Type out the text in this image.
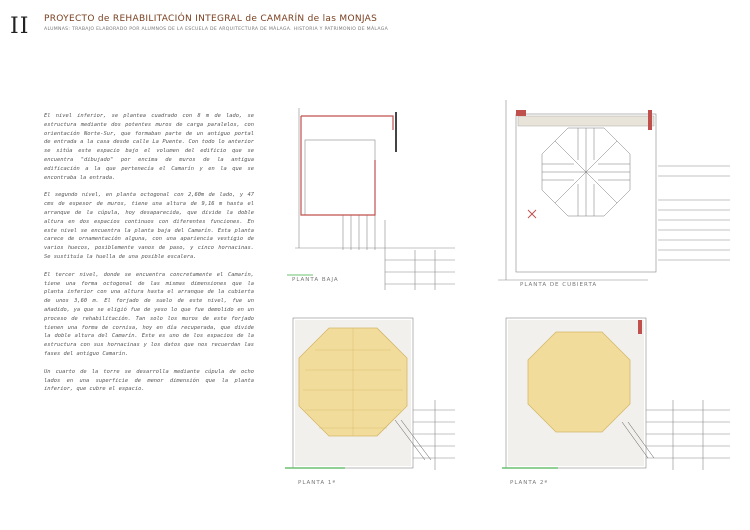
II PROYECTO de REHABILITACIÓN INTEGRAL de CAMARÍN de las MONJAS
ALUMNAS: TRABAJO ELABORADO POR ALUMNOS DE LA ESCUELA DE ARQUITECTURA DE MÁLAGA. HISTORIA Y PATRIMONIO DE MÁLAGA

El nivel inferior, se plantea cuadrado con 8 m de lado, se estructura mediante dos potentes muros de carga paralelos, con orientación Norte-Sur, que formaban parte de un antiguo portal de entrada a la casa desde calle La Puente. Con todo lo anterior se sitúa este espacio bajo el volumen del edificio que se encuentra "dibujado" por encima de muros de la antigua edificación a la que pertenecía el Camarín y en la que se encontraba la entrada.

El segundo nivel, en planta octogonal con 2,60m de lado, y 47 cms de espesor de muros, tiene una altura de 9,16 m hasta el arranque de la cúpula, hoy desaparecida, que divide la doble altura en dos espacios continuos con diferentes funciones. En este nivel se encuentra la planta baja del Camarín. Esta planta carece de ornamentación alguna, con una apariencia vestigio de varios huecos, posiblemente vanos de paso, y cinco hornacinas. Se sustituía la huella de una posible escalera.

El tercer nivel, donde se encuentra concretamente el Camarín, tiene una forma octogonal de las mismas dimensiones que la planta inferior con una altura hasta el arranque de la cubierta de unos 3,60 m. El forjado de suelo de este nivel, fue un añadido, ya que se eligió fue de yeso lo que fue demolido en un proceso de rehabilitación. Tan solo los muros de este forjado tienen una forma de cornisa, hoy en día recuperada, que divide la doble altura del Camarín. Este es uno de los espacios de la estructura con sus hornacinas y los datos que nos recuerdan las fases del antiguo Camarín.

Un cuarto de la torre se desarrolla mediante cúpula de ocho lados en una superficie de menor dimensión que la planta inferior, que cubre el espacio.

PLANTA BAJA
PLANTA DE CUBIERTA
PLANTA 1ª	PLANTA 2ª
